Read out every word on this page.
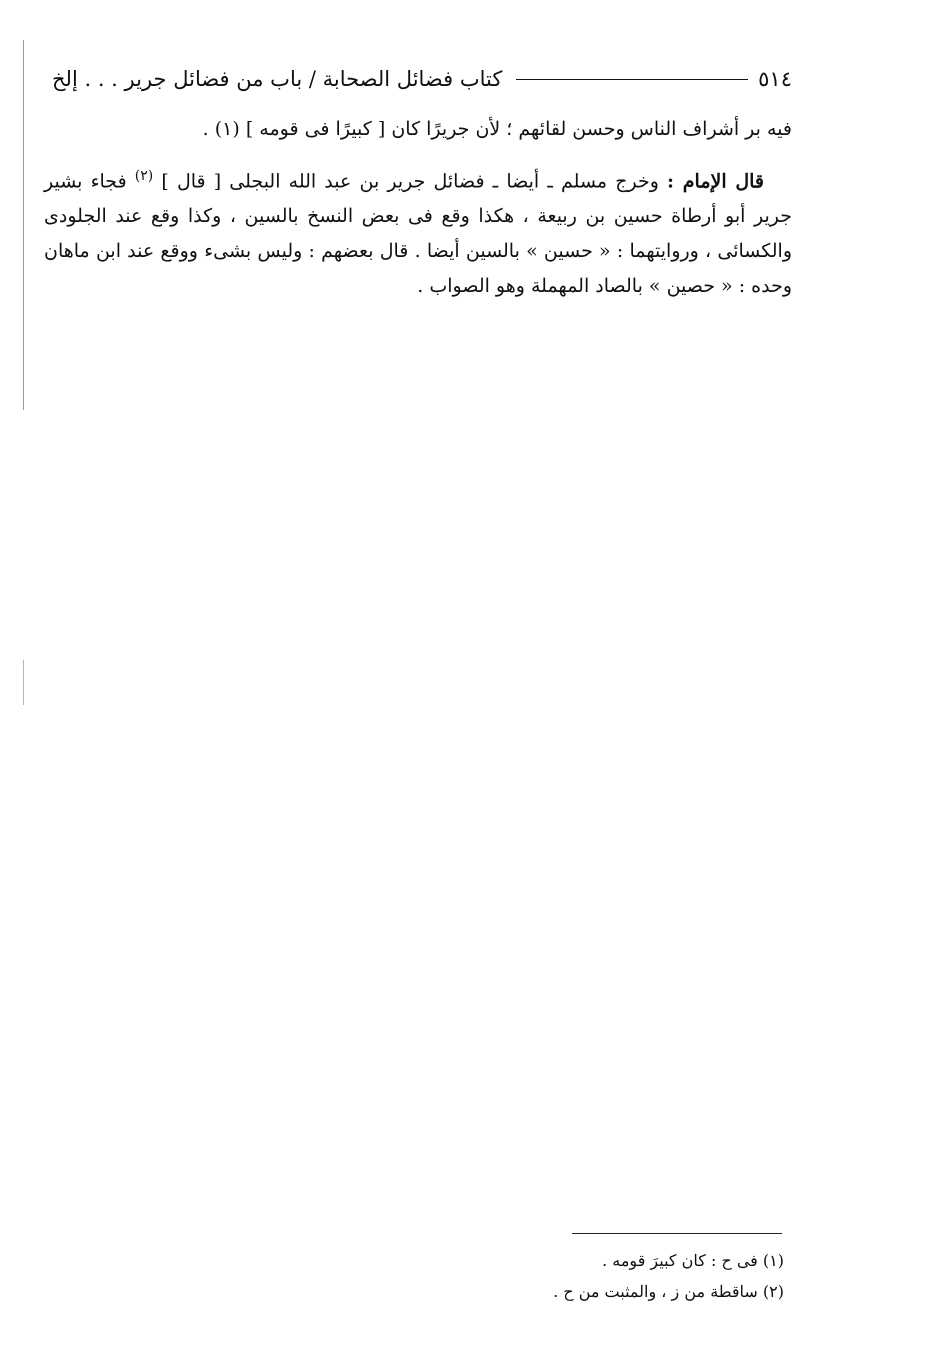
٥١٤
كتاب فضائل الصحابة / باب من فضائل جرير . . . إلخ

فيه بر أشراف الناس وحسن لقائهم ؛ لأن جريرًا كان [ كبيرًا فى قومه ] (١) .

قال الإمام : وخرج مسلم ـ أيضا ـ فضائل جرير بن عبد الله البجلى [ قال ] $^{(٢)}$ فجاء بشير جرير أبو أرطاة حسين بن ربيعة ، هكذا وقع فى بعض النسخ بالسين ، وكذا وقع عند الجلودى والكسائى ، وروايتهما : « حسين » بالسين أيضا . قال بعضهم : وليس بشىء ووقع عند ابن ماهان وحده : « حصين » بالصاد المهملة وهو الصواب .

(١) فى ح : كان كبيرَ قومه .

(٢) ساقطة من ز ، والمثبت من ح .
